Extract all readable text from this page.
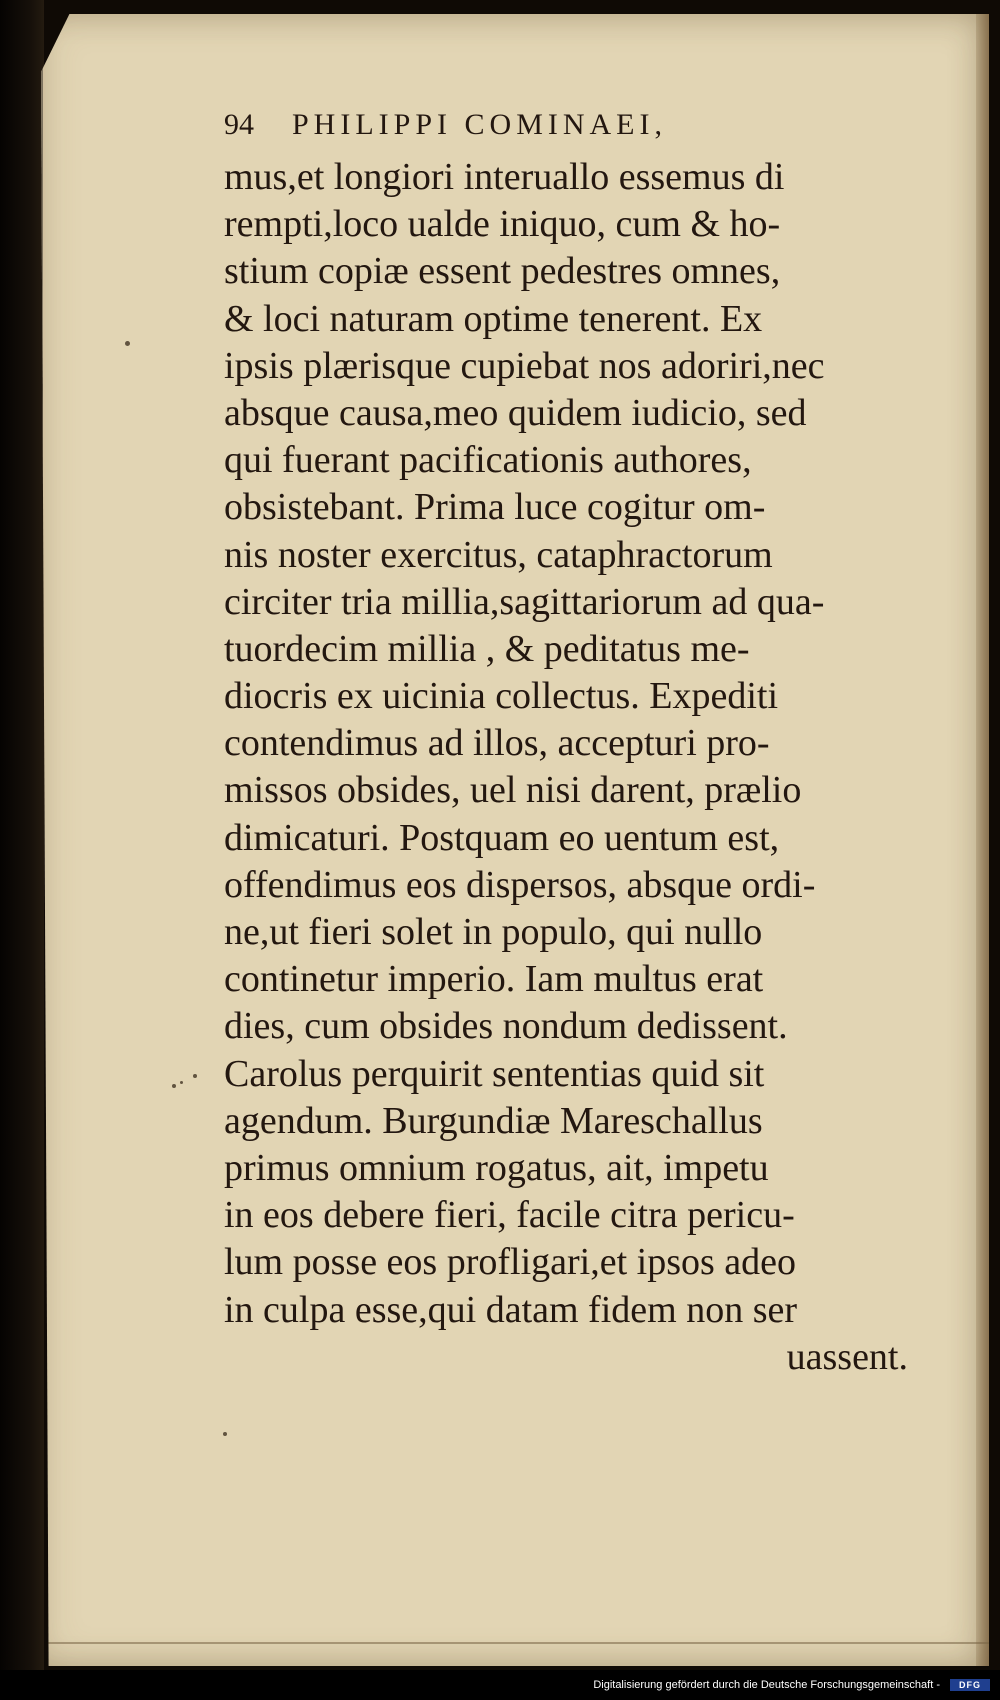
94 PHILIPPI COMINAEI,
mus,et longiori interuallo essemus di
rempti,loco ualde iniquo, cum & ho-
stium copiæ essent pedestres omnes,
& loci naturam optime tenerent. Ex
ipsis plærisque cupiebat nos adoriri,nec
absque causa,meo quidem iudicio, sed
qui fuerant pacificationis authores,
obsistebant. Prima luce cogitur om-
nis noster exercitus, cataphractorum
circiter tria millia,sagittariorum ad qua-
tuordecim millia , & peditatus me-
diocris ex uicinia collectus. Expediti
contendimus ad illos, accepturi pro-
missos obsides, uel nisi darent, prælio
dimicaturi. Postquam eo uentum est,
offendimus eos dispersos, absque ordi-
ne,ut fieri solet in populo, qui nullo
continetur imperio. Iam multus erat
dies, cum obsides nondum dedissent.
Carolus perquirit sententias quid sit
agendum. Burgundiæ Mareschallus
primus omnium rogatus, ait, impetu
in eos debere fieri, facile citra pericu-
lum posse eos profligari,et ipsos adeo
in culpa esse,qui datam fidem non ser
uassent.
Digitalisierung gefördert durch die Deutsche Forschungsgemeinschaft -	DFG
